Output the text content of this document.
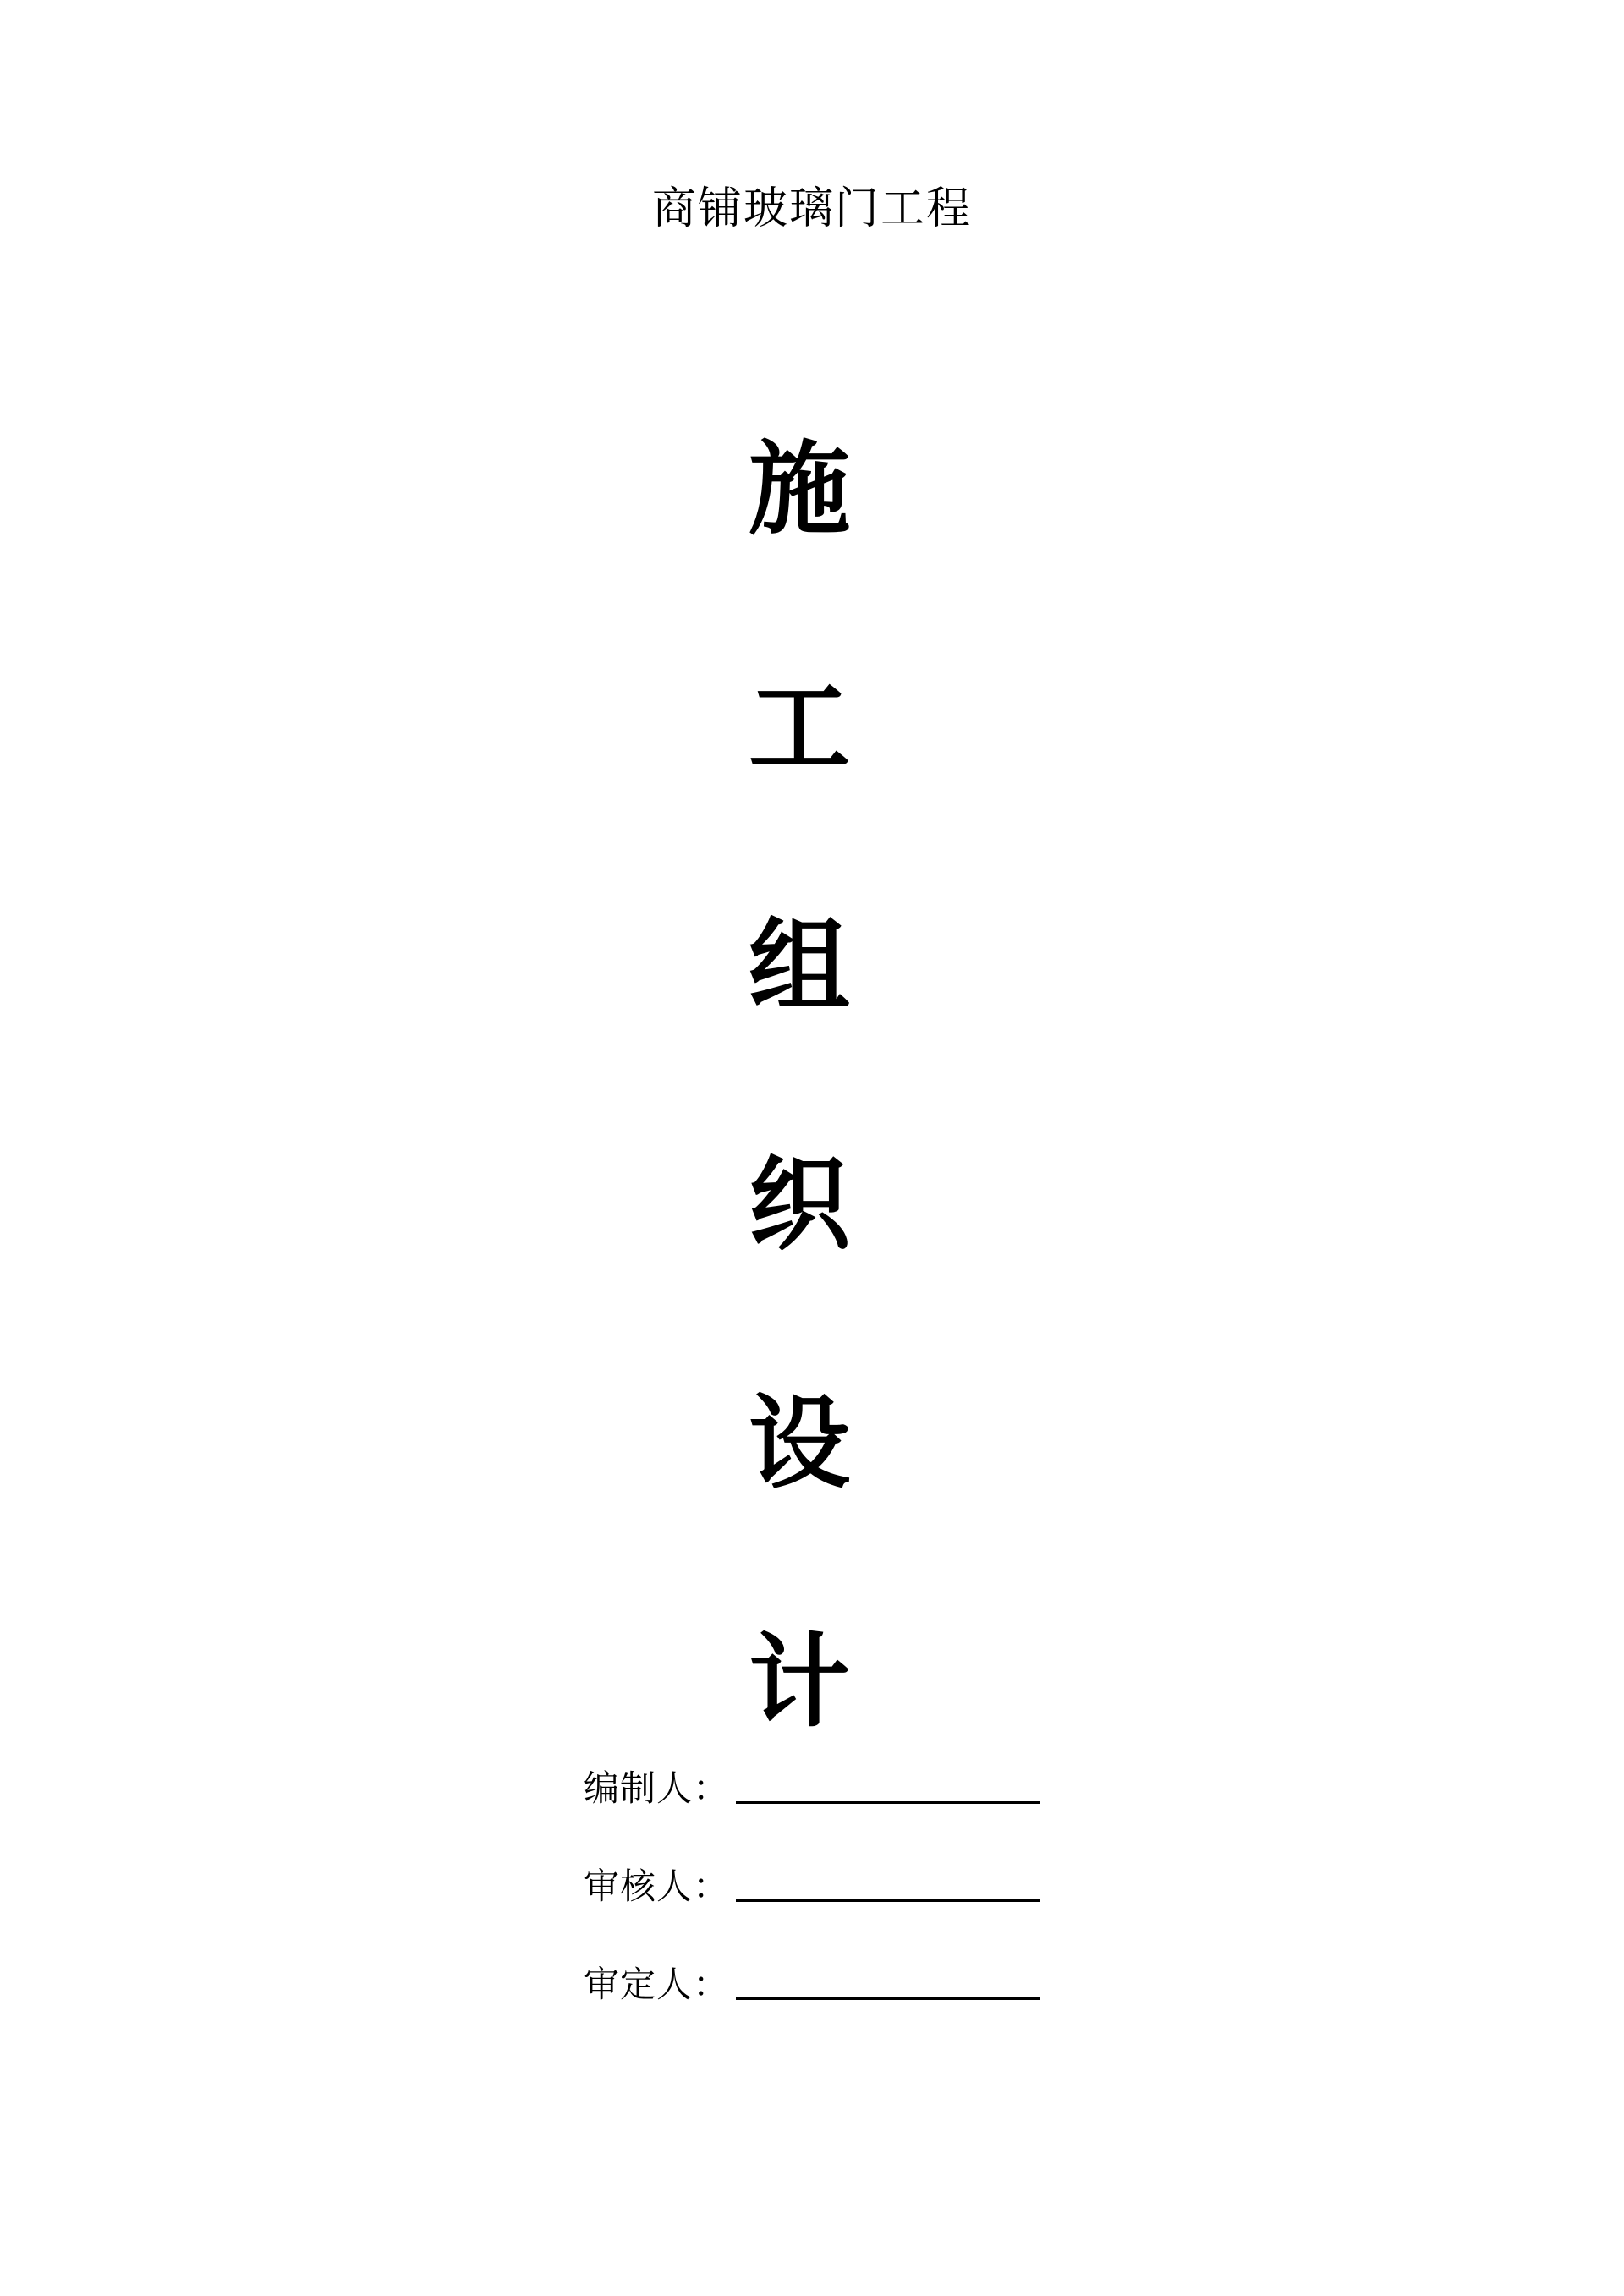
商铺玻璃门工程
施
工
组
织
设
计
编制人：
审核人：
审定人：
